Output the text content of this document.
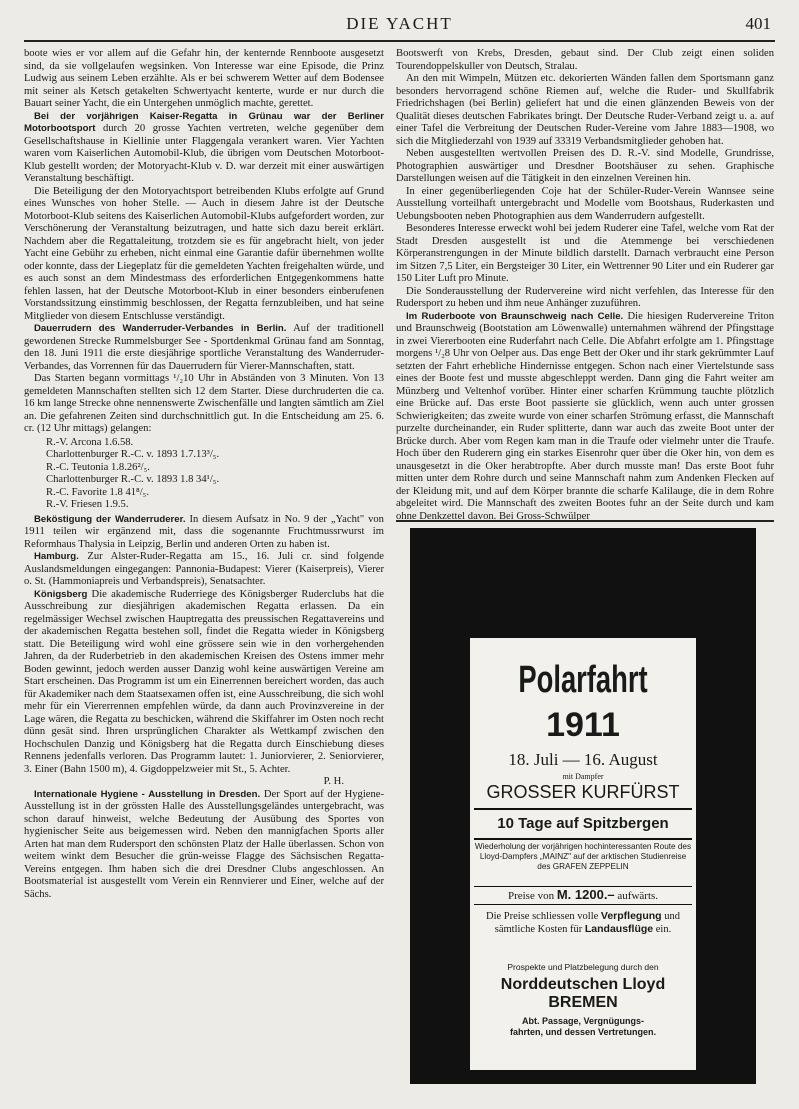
DIE YACHT	401

boote wies er vor allem auf die Gefahr hin, der kenternde Rennboote ausgesetzt sind, da sie vollgelaufen wegsinken. Von Interesse war eine Episode, die Prinz Ludwig aus seinem Leben erzählte. Als er bei schwerem Wetter auf dem Bodensee mit seiner als Ketsch getakelten Schwertyacht kenterte, wurde er nur durch die Bauart seiner Yacht, die ein Untergehen unmöglich machte, gerettet.

Bei der vorjährigen Kaiser-Regatta in Grünau war der Berliner Motorbootsport durch 20 grosse Yachten vertreten, welche gegenüber dem Gesellschaftshause in Kiellinie unter Flaggengala verankert waren. Vier Yachten waren vom Kaiserlichen Automobil-Klub, die übrigen vom Deutschen Motorboot-Klub gestellt worden; der Motoryacht-Klub v. D. war derzeit mit einer auswärtigen Veranstaltung beschäftigt.

Die Beteiligung der den Motoryachtsport betreibenden Klubs erfolgte auf Grund eines Wunsches von hoher Stelle. — Auch in diesem Jahre ist der Deutsche Motorboot-Klub seitens des Kaiserlichen Automobil-Klubs aufgefordert worden, zur Verschönerung der Veranstaltung beizutragen, und hatte sich dazu bereit erklärt. Nachdem aber die Regattaleitung, trotzdem sie es für angebracht hielt, von jeder Yacht eine Gebühr zu erheben, nicht einmal eine Garantie dafür übernehmen wollte oder konnte, dass der Liegeplatz für die gemeldeten Yachten freigehalten würde, und es auch sonst an dem Mindestmass des erforderlichen Entgegenkommens hatte fehlen lassen, hat der Deutsche Motorboot-Klub in einer besonders einberufenen Vorstandssitzung einstimmig beschlossen, der Regatta fernzubleiben, und hat seine Mitglieder von diesem Entschlusse verständigt.

Dauerrudern des Wanderruder-Verbandes in Berlin. Auf der traditionell gewordenen Strecke Rummelsburger See - Sportdenkmal Grünau fand am Sonntag, den 18. Juni 1911 die erste diesjährige sportliche Veranstaltung des Wanderruder-Verbandes, das Vorrennen für das Dauerrudern für Vierer-Mannschaften, statt.

Das Starten begann vormittags ¹/₂10 Uhr in Abständen von 3 Minuten. Von 13 gemeldeten Mannschaften stellten sich 12 dem Starter. Diese durchruderten die ca. 16 km lange Strecke ohne nennenswerte Zwischenfälle und langten sämtlich am Ziel an. Die gefahrenen Zeiten sind durchschnittlich gut. In die Entscheidung am 25. 6. cr. (12 Uhr mittags) gelangen:

R.-V. Arcona 1.6.58.
Charlottenburger R.-C. v. 1893 1.7.13³/₅.
R.-C. Teutonia 1.8.26²/₅.
Charlottenburger R.-C. v. 1893 1.8 34¹/₅.
R.-C. Favorite 1.8 41⁸/₅.
R.-V. Friesen 1.9.5.

Beköstigung der Wanderruderer. In diesem Aufsatz in No. 9 der „Yacht" von 1911 teilen wir ergänzend mit, dass die sogenannte Fruchtmussrwurst im Reformhaus Thalysia in Leipzig, Berlin und anderen Orten zu haben ist.

Hamburg. Zur Alster-Ruder-Regatta am 15., 16. Juli cr. sind folgende Auslandsmeldungen eingegangen: Pannonia-Budapest: Vierer (Kaiserpreis), Vierer o. St. (Hammoniapreis und Verbandspreis), Senatsachter.

Königsberg Die akademische Ruderriege des Königsberger Ruderclubs hat die Ausschreibung zur diesjährigen akademischen Regatta erlassen. Da ein regelmässiger Wechsel zwischen Hauptregatta des preussischen Regattavereins und der akademischen Regatta bestehen soll, findet die Regatta wieder in Königsberg statt. Die Beteiligung wird wohl eine grössere sein wie in den vorhergehenden Jahren, da der Ruderbetrieb in den akademischen Kreisen des Ostens immer mehr Boden gewinnt, jedoch werden ausser Danzig wohl keine auswärtigen Vereine am Start erscheinen. Das Programm ist um ein Einerrennen bereichert worden, das auch für Akademiker nach dem Staatsexamen offen ist, eine Ausschreibung, die sich wohl mehr für ein Viererrennen empfehlen würde, da dann auch Provinzvereine in der Lage wären, die Regatta zu beschicken, während die Skiffahrer im Osten noch recht dünn gesät sind. Ihren ursprünglichen Charakter als Wettkampf zwischen den Hochschulen Danzig und Königsberg hat die Regatta durch Einschiebung dieses Rennens jedenfalls verloren. Das Programm lautet: 1. Juniorvierer, 2. Seniorvierer, 3. Einer (Bahn 1500 m), 4. Gigdoppelzweier mit St., 5. Achter.

P. H.

Internationale Hygiene - Ausstellung in Dresden. Der Sport auf der Hygiene-Ausstellung ist in der grössten Halle des Ausstellungsgeländes untergebracht, was schon darauf hinweist, welche Bedeutung der Ausübung des Sportes von hygienischer Seite aus beigemessen wird. Neben den mannigfachen Sports aller Arten hat man dem Rudersport den schönsten Platz der Halle überlassen. Schon von weitem winkt dem Besucher die grün-weisse Flagge des Sächsischen Regatta-Vereins entgegen. Ihm haben sich die drei Dresdner Clubs angeschlossen. An Bootsmaterial ist ausgestellt vom Verein ein Rennvierer und Einer, welche auf der Sächs.

Bootswerft von Krebs, Dresden, gebaut sind. Der Club zeigt einen soliden Tourendoppelskuller von Deutsch, Stralau.

An den mit Wimpeln, Mützen etc. dekorierten Wänden fallen dem Sportsmann ganz besonders hervorragend schöne Riemen auf, welche die Ruder- und Skullfabrik Friedrichshagen (bei Berlin) geliefert hat und die einen glänzenden Beweis von der Qualität dieses deutschen Fabrikates bringt. Der Deutsche Ruder-Verband zeigt u. a. auf einer Tafel die Verbreitung der Deutschen Ruder-Vereine vom Jahre 1883—1908, wo sich die Mitgliederzahl von 1939 auf 33319 Verbandsmitglieder gehoben hat.

Neben ausgestellten wertvollen Preisen des D. R.-V. sind Modelle, Grundrisse, Photographien auswärtiger und Dresdner Bootshäuser zu sehen. Graphische Darstellungen weisen auf die Tätigkeit in den einzelnen Vereinen hin.

In einer gegenüberliegenden Coje hat der Schüler-Ruder-Verein Wannsee seine Ausstellung vorteilhaft untergebracht und Modelle vom Bootshaus, Ruderkasten und Uebungsbooten neben Photographien aus dem Wanderrudern aufgestellt.

Besonderes Interesse erweckt wohl bei jedem Ruderer eine Tafel, welche vom Rat der Stadt Dresden ausgestellt ist und die Atemmenge bei verschiedenen Körperanstrengungen in der Minute bildlich darstellt. Darnach verbraucht eine Person im Sitzen 7,5 Liter, ein Bergsteiger 30 Liter, ein Wettrenner 90 Liter und ein Ruderer gar 150 Liter Luft pro Minute.

Die Sonderausstellung der Rudervereine wird nicht verfehlen, das Interesse für den Rudersport zu heben und ihm neue Anhänger zuzuführen.

Im Ruderboote von Braunschweig nach Celle. Die hiesigen Rudervereine Triton und Braunschweig (Bootstation am Löwenwalle) unternahmen während der Pfingsttage in zwei Viererbooten eine Ruderfahrt nach Celle. Die Abfahrt erfolgte am 1. Pfingsttage morgens ¹/₂8 Uhr von Oelper aus. Das enge Bett der Oker und ihr stark gekrümmter Lauf setzten der Fahrt erhebliche Hindernisse entgegen. Schon nach einer Viertelstunde sass eines der Boote fest und musste abgeschleppt werden. Dann ging die Fahrt weiter am Münzberg und Veltenhof vorüber. Hinter einer scharfen Krümmung tauchte plötzlich eine Brücke auf. Das erste Boot passierte sie glücklich, wenn auch unter grossen Schwierigkeiten; das zweite wurde von einer scharfen Strömung erfasst, die Mannschaft purzelte durcheinander, ein Ruder splitterte, dann war auch das zweite Boot unter der Brücke durch. Aber vom Regen kam man in die Traufe oder vielmehr unter die Traufe. Hoch über den Ruderern ging ein starkes Eisenrohr quer über die Oker hin, von dem es unausgesetzt in die Oker herabtropfte. Aber durch musste man! Das erste Boot fuhr mitten unter dem Rohre durch und seine Mannschaft nahm zum Andenken Flecken auf der Kleidung mit, und auf dem Körper brannte die scharfe Kalilauge, die in dem Rohre abgeleitet wird. Die Mannschaft des zweiten Bootes fuhr an der Seite durch und kam ohne Denkzettel davon. Bei Gross-Schwülper

Polarfahrt
1911
18. Juli — 16. August
mit Dampfer
GROSSER KURFÜRST
10 Tage auf Spitzbergen
Wiederholung der vorjährigen hochinteressanten Route des Lloyd-Dampfers „MAINZ" auf der arktischen Studienreise des GRAFEN ZEPPELIN
Preise von M. 1200.– aufwärts.
Die Preise schliessen volle Verpflegung und sämtliche Kosten für Landausflüge ein.
Prospekte und Platzbelegung durch den
Norddeutschen Lloyd
BREMEN
Abt. Passage, Vergnügungs-
fahrten, und dessen Vertretungen.
